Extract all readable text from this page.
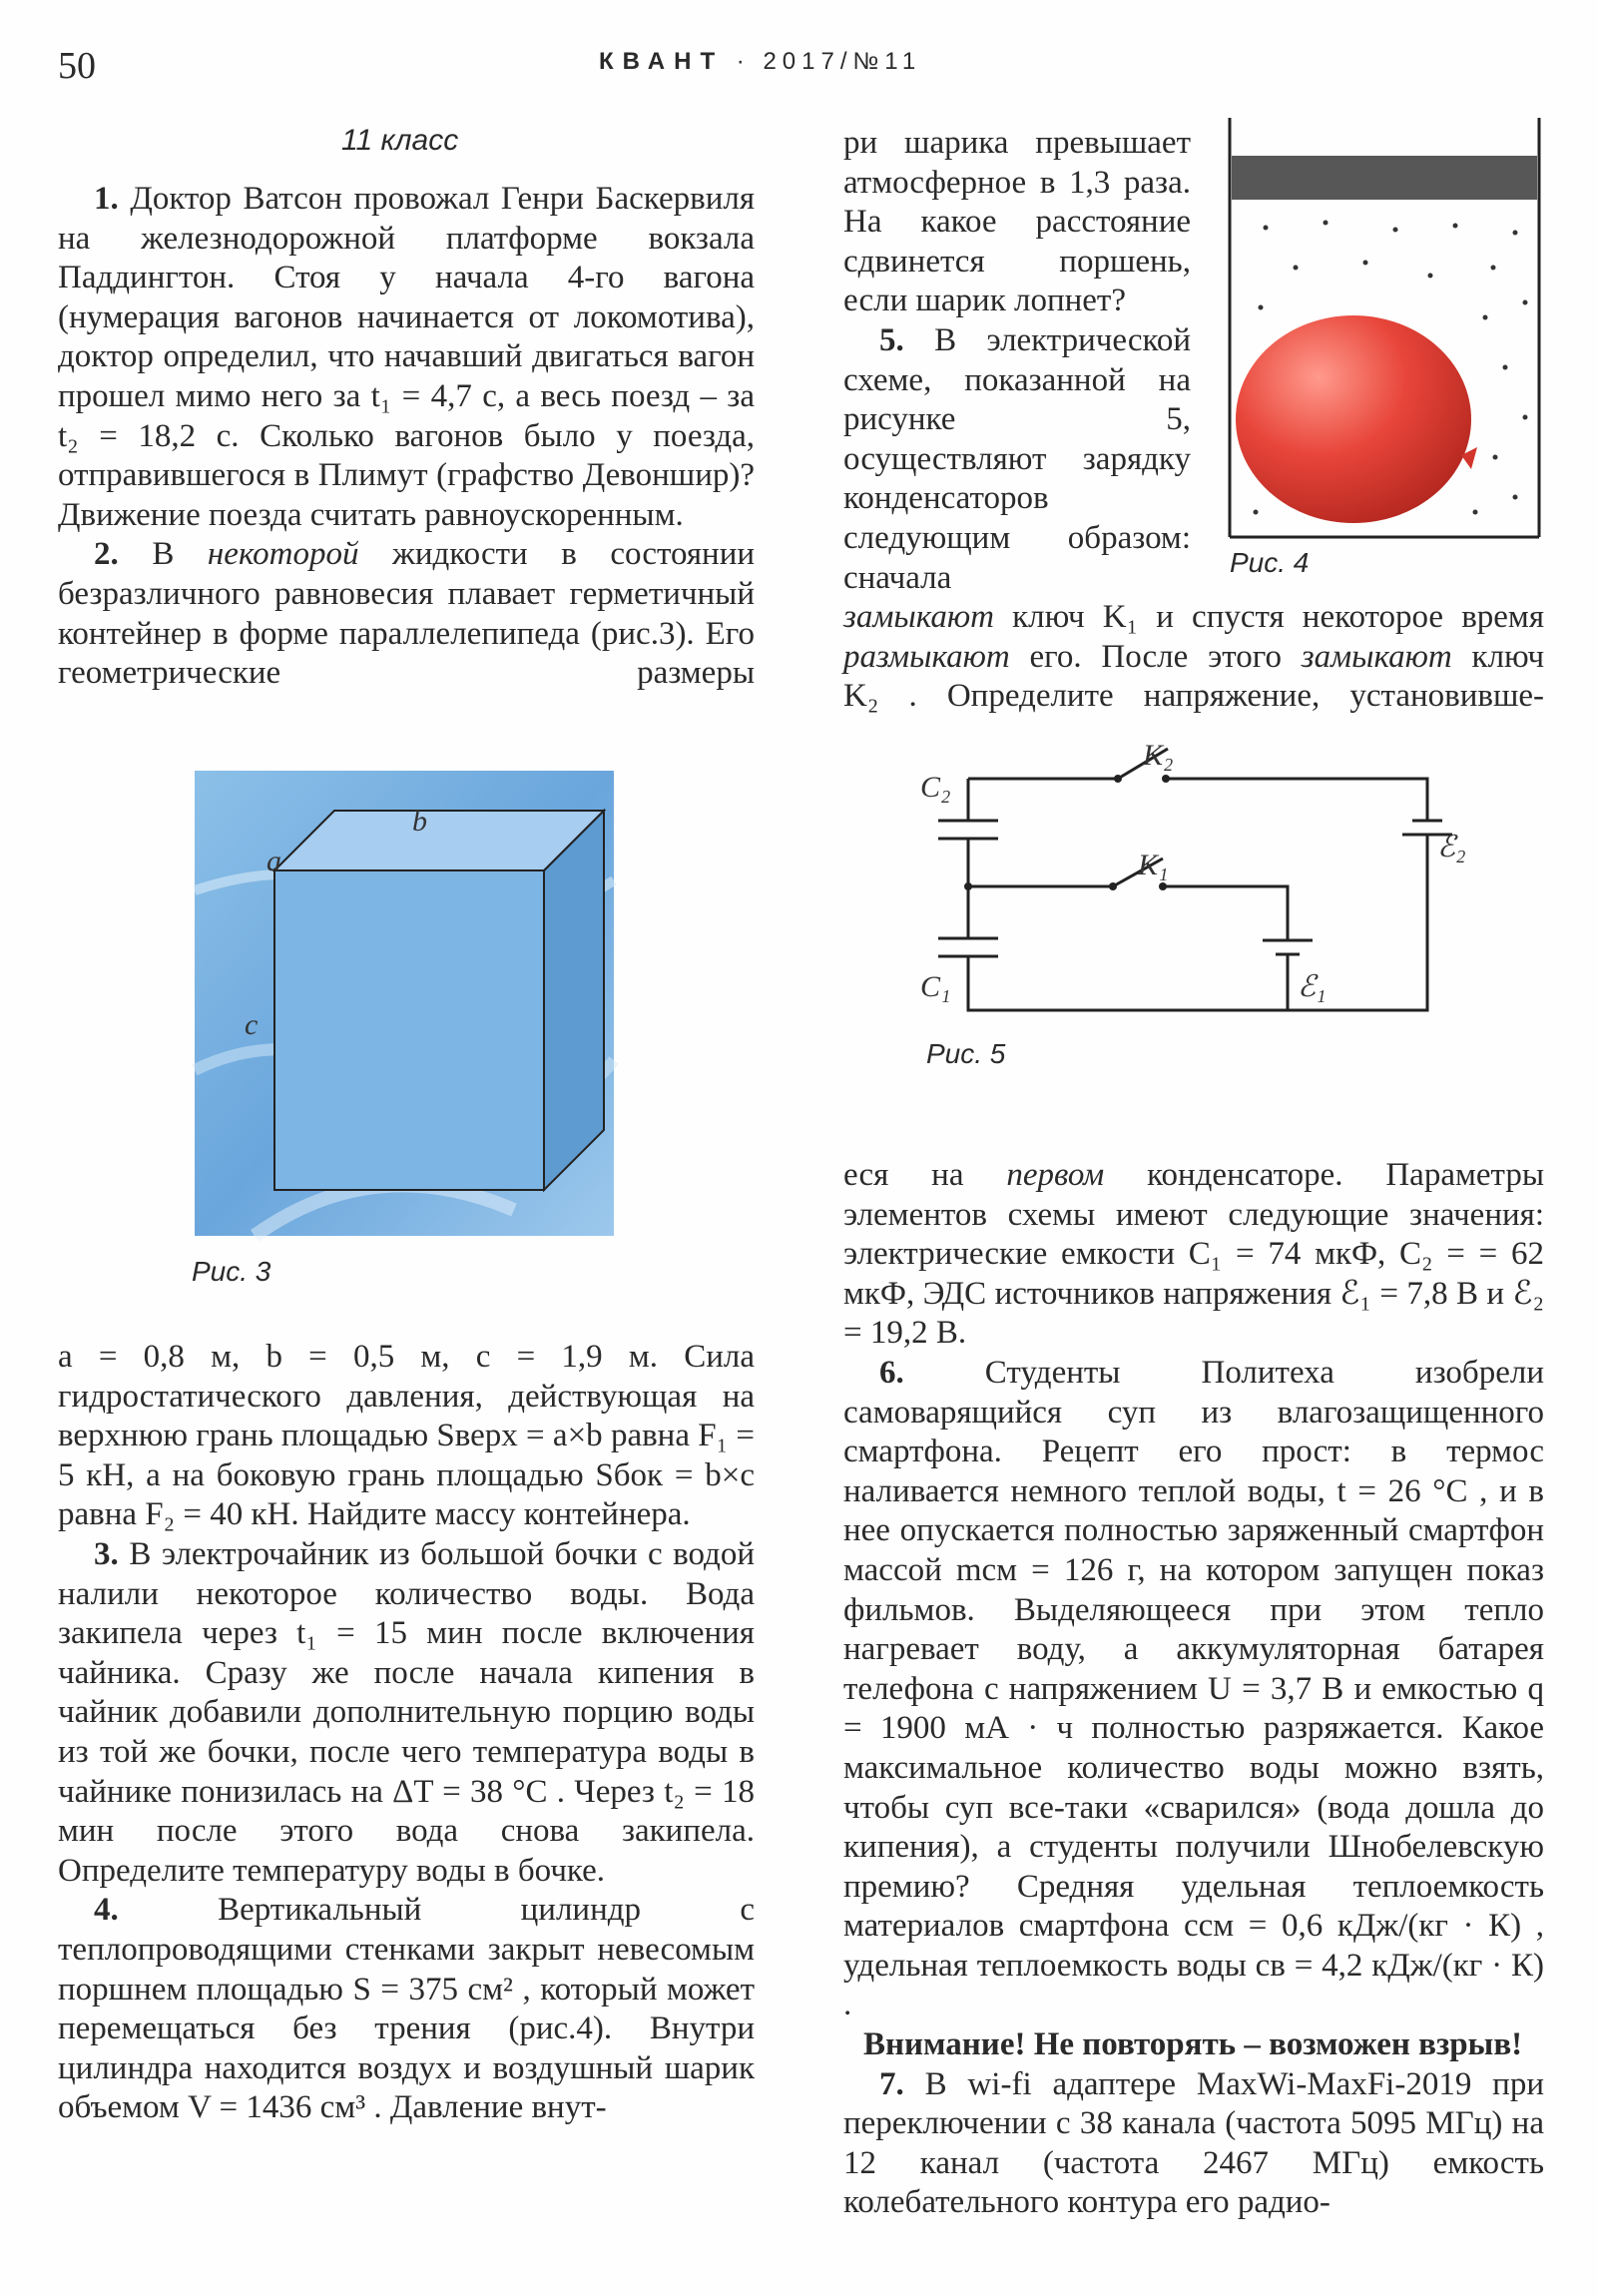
50	КВАНТ · 2017/№11
11 класс

1. Доктор Ватсон провожал Генри Баскервиля на железнодорожной платформе вокзала Паддингтон. Стоя у начала 4-го вагона (нумерация вагонов начинается от локомотива), доктор определил, что начавший двигаться вагон прошел мимо него за t₁ = 4,7 с, а весь поезд – за t₂ = 18,2 с. Сколько вагонов было у поезда, отправившегося в Плимут (графство Девоншир)? Движение поезда считать равноускоренным.

2. В некоторой жидкости в состоянии безразличного равновесия плавает герметичный контейнер в форме параллелепипеда (рис.3). Его геометрические размеры

a
b
c
Рис. 3

a = 0,8 м, b = 0,5 м, c = 1,9 м. Сила гидростатического давления, действующая на верхнюю грань площадью Sверх = a×b равна F₁ = 5 кН, а на боковую грань площадью Sбок = b×c равна F₂ = 40 кН. Найдите массу контейнера.

3. В электрочайник из большой бочки с водой налили некоторое количество воды. Вода закипела через t₁ = 15 мин после включения чайника. Сразу же после начала кипения в чайник добавили дополнительную порцию воды из той же бочки, после чего температура воды в чайнике понизилась на ΔT = 38 °C . Через t₂ = 18 мин после этого вода снова закипела. Определите температуру воды в бочке.

4.	Вертикальный цилиндр с теплопроводящими стенками закрыт невесомым поршнем площадью S = 375 см² , который может перемещаться без трения (рис.4). Внутри цилиндра находится воздух и воздушный шарик объемом V = 1436 см³ . Давление внут-

ри шарика превышает атмосферное в 1,3 раза. На какое расстояние сдвинется поршень, если шарик лопнет?

5. В электрической схеме, показанной на рисунке 5, осуществляют зарядку конденсаторов следующим образом: сначала	Рис. 4

замыкают ключ K₁ и спустя некоторое время

размыкают его. После этого замыкают ключ

K₂ . Определите напряжение, установивше-

C₂
C₁
K₂
K₁
ℰ₁
ℰ₂
Рис. 5

еся на первом конденсаторе. Параметры элементов схемы имеют следующие значения: электрические емкости C₁ = 74 мкФ, C₂ = = 62 мкФ, ЭДС источников напряжения ℰ₁ = 7,8 В и ℰ₂ = 19,2 В.

6. Студенты Политеха изобрели самоварящийся суп из влагозащищенного смартфона. Рецепт его прост: в термос наливается немного теплой воды, t = 26 °C , и в нее опускается полностью заряженный смартфон массой mсм = 126 г, на котором запущен показ фильмов. Выделяющееся при этом тепло нагревает воду, а аккумуляторная батарея телефона с напряжением U = 3,7 В и емкостью q = 1900 мА · ч полностью разряжается. Какое максимальное количество воды можно взять, чтобы суп все-таки «сварился» (вода дошла до кипения), а студенты получили Шнобелевскую премию? Средняя удельная теплоемкость материалов смартфона cсм = 0,6 кДж/(кг · К) , удельная теплоемкость воды cв = 4,2 кДж/(кг · К) .

Внимание! Не повторять – возможен взрыв!

7. В wi-fi адаптере MaxWi-MaxFi-2019 при переключении с 38 канала (частота 5095 МГц) на 12 канал (частота 2467 МГц) емкость колебательного контура его радио-
